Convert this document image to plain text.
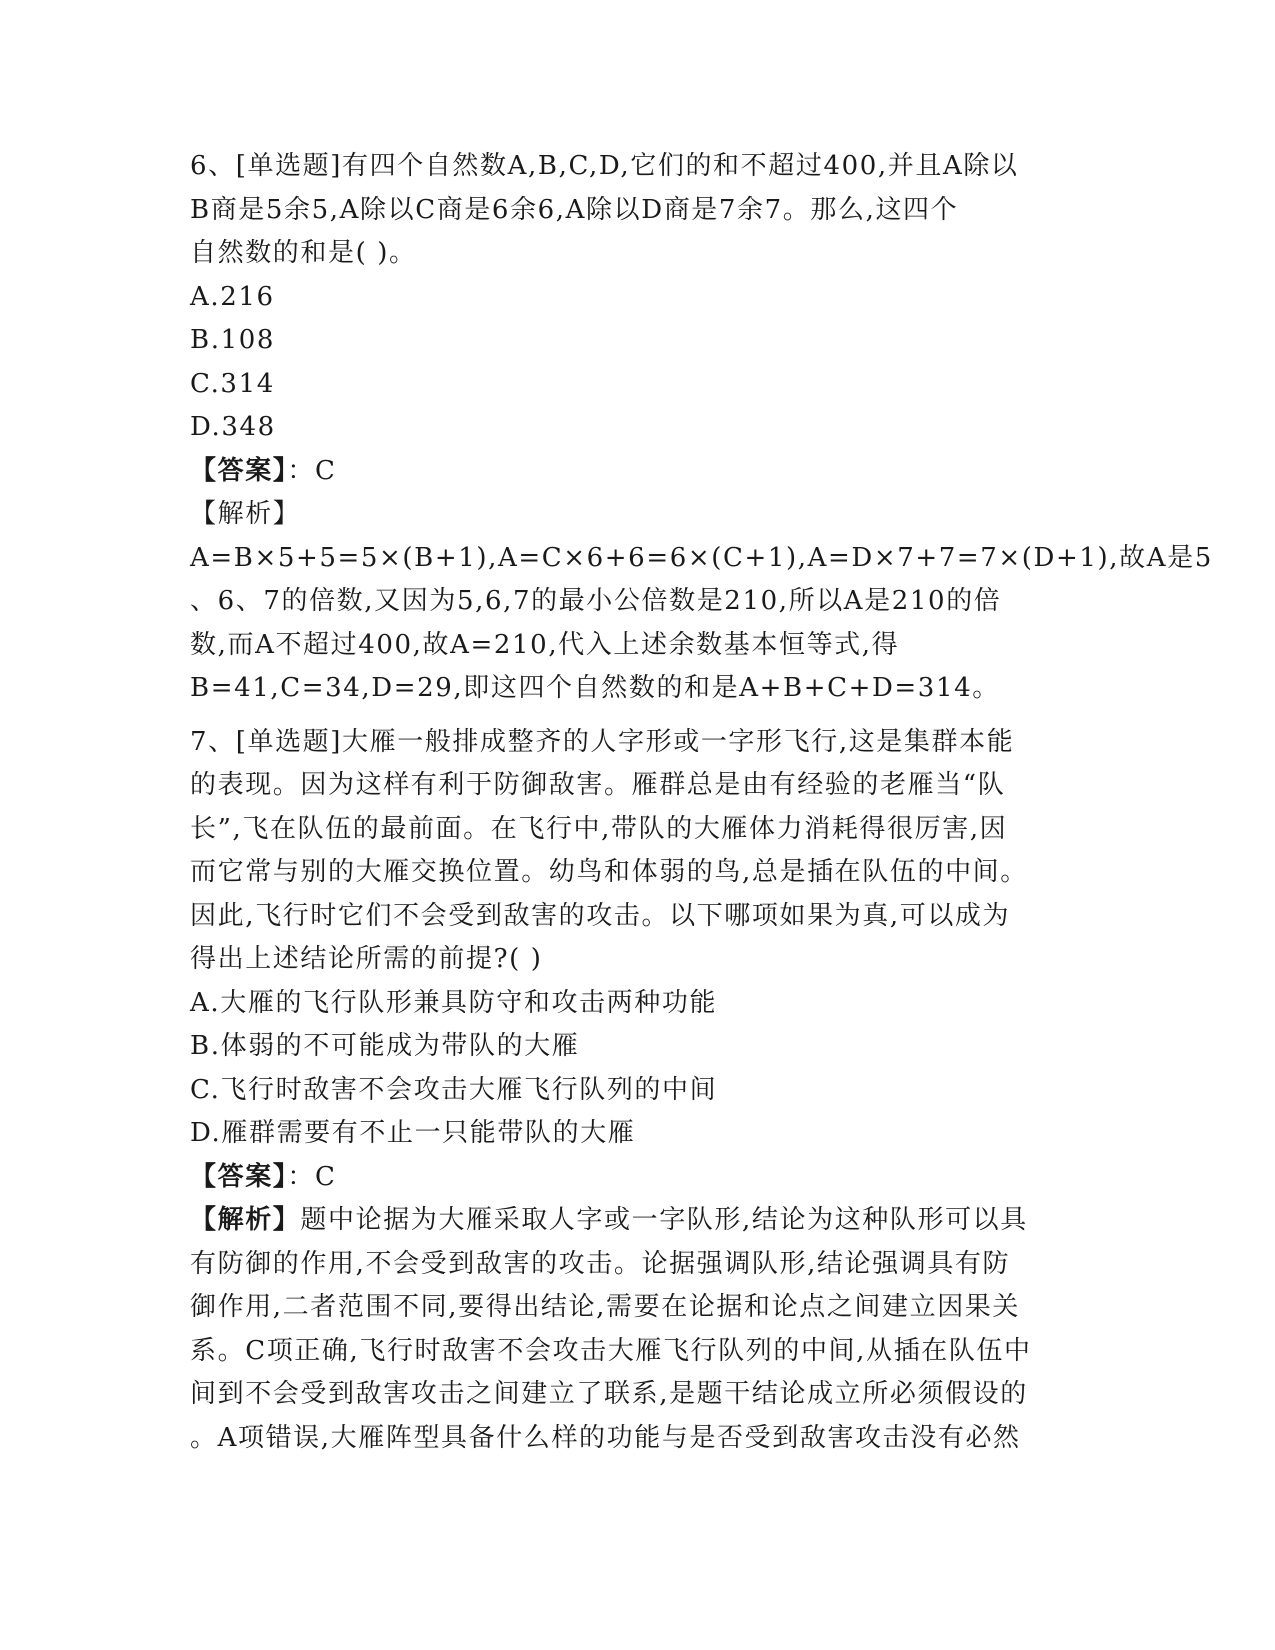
6、[单选题]有四个自然数A,B,C,D,它们的和不超过400,并且A除以
B商是5余5,A除以C商是6余6,A除以D商是7余7。那么,这四个
自然数的和是( )。
A.216
B.108
C.314
D.348
【答案】：C
【解析】
A=B×5+5=5×(B+1),A=C×6+6=6×(C+1),A=D×7+7=7×(D+1),故A是5
、6、7的倍数,又因为5,6,7的最小公倍数是210,所以A是210的倍
数,而A不超过400,故A=210,代入上述余数基本恒等式,得
B=41,C=34,D=29,即这四个自然数的和是A+B+C+D=314。
7、[单选题]大雁一般排成整齐的人字形或一字形飞行,这是集群本能
的表现。因为这样有利于防御敌害。雁群总是由有经验的老雁当“队
长”,飞在队伍的最前面。在飞行中,带队的大雁体力消耗得很厉害,因
而它常与别的大雁交换位置。幼鸟和体弱的鸟,总是插在队伍的中间。
因此,飞行时它们不会受到敌害的攻击。以下哪项如果为真,可以成为
得出上述结论所需的前提?( )
A.大雁的飞行队形兼具防守和攻击两种功能
B.体弱的不可能成为带队的大雁
C.飞行时敌害不会攻击大雁飞行队列的中间
D.雁群需要有不止一只能带队的大雁
【答案】：C
【解析】题中论据为大雁采取人字或一字队形,结论为这种队形可以具
有防御的作用,不会受到敌害的攻击。论据强调队形,结论强调具有防
御作用,二者范围不同,要得出结论,需要在论据和论点之间建立因果关
系。C项正确,飞行时敌害不会攻击大雁飞行队列的中间,从插在队伍中
间到不会受到敌害攻击之间建立了联系,是题干结论成立所必须假设的
。A项错误,大雁阵型具备什么样的功能与是否受到敌害攻击没有必然
